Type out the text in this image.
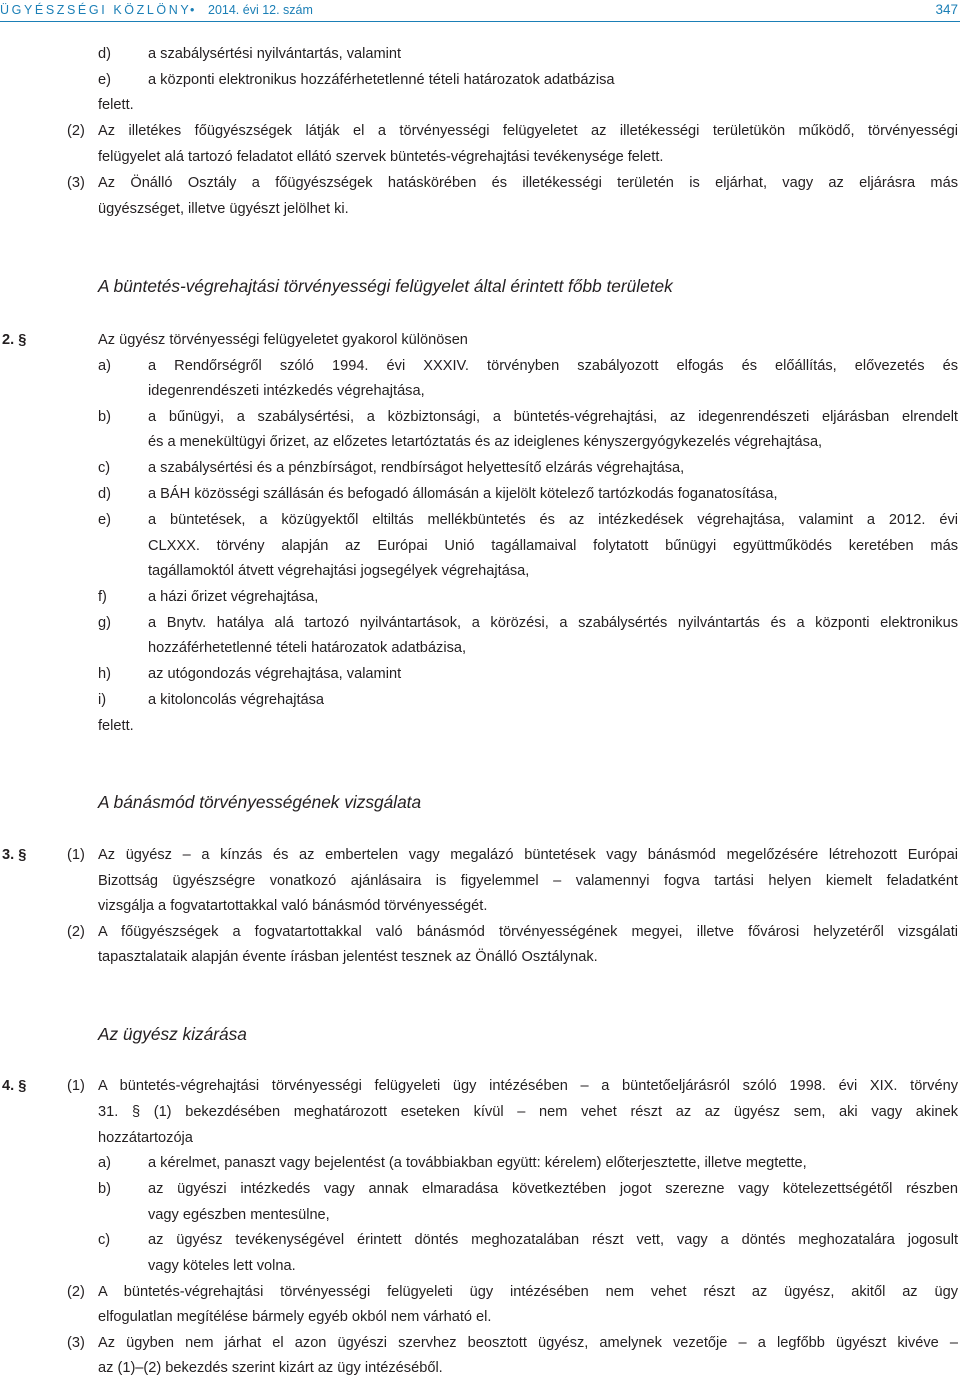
ÜGYÉSZSÉGI KÖZLÖNY
• 2014. évi 12. szám	347
d)	a szabálysértési nyilvántartás, valamint
e)	a központi elektronikus hozzáférhetetlenné tételi határozatok adatbázisa
felett.
(2) Az illetékes főügyészségek látják el a törvényességi felügyeletet az illetékességi területükön működő, törvényességi
felügyelet alá tartozó feladatot ellátó szervek büntetés-végrehajtási tevékenysége felett.
(3) Az Önálló Osztály a főügyészségek hatáskörében és illetékességi területén is eljárhat, vagy az eljárásra más
ügyészséget, illetve ügyészt jelölhet ki.
A büntetés-végrehajtási törvényességi felügyelet által érintett főbb területek
2. §	Az ügyész törvényességi felügyeletet gyakorol különösen
a)	a Rendőrségről szóló 1994. évi XXXIV. törvényben szabályozott elfogás és előállítás, elővezetés és
idegenrendészeti intézkedés végrehajtása,
b)	a bűnügyi, a szabálysértési, a közbiztonsági, a büntetés-végrehajtási, az idegenrendészeti eljárásban elrendelt
és a menekültügyi őrizet, az előzetes letartóztatás és az ideiglenes kényszergyógykezelés végrehajtása,
c)	a szabálysértési és a pénzbírságot, rendbírságot helyettesítő elzárás végrehajtása,
d)	a BÁH közösségi szállásán és befogadó állomásán a kijelölt kötelező tartózkodás foganatosítása,
e)	a büntetések, a közügyektől eltiltás mellékbüntetés és az intézkedések végrehajtása, valamint a 2012. évi
CLXXX. törvény alapján az Európai Unió tagállamaival folytatott bűnügyi együttműködés keretében más
tagállamoktól átvett végrehajtási jogsegélyek végrehajtása,
f)	a házi őrizet végrehajtása,
g)	a Bnytv. hatálya alá tartozó nyilvántartások, a körözési, a szabálysértés nyilvántartás és a központi elektronikus
hozzáférhetetlenné tételi határozatok adatbázisa,
h)	az utógondozás végrehajtása, valamint
i)	a kitoloncolás végrehajtása
felett.
A bánásmód törvényességének vizsgálata
3. §	(1) Az ügyész – a kínzás és az embertelen vagy megalázó büntetések vagy bánásmód megelőzésére létrehozott Európai
Bizottság ügyészségre vonatkozó ajánlásaira is figyelemmel – valamennyi fogva tartási helyen kiemelt feladatként
vizsgálja a fogvatartottakkal való bánásmód törvényességét.
(2) A főügyészségek a fogvatartottakkal való bánásmód törvényességének megyei, illetve fővárosi helyzetéről vizsgálati
tapasztalataik alapján évente írásban jelentést tesznek az Önálló Osztálynak.
Az ügyész kizárása
4. §	(1) A büntetés-végrehajtási törvényességi felügyeleti ügy intézésében – a büntetőeljárásról szóló 1998. évi XIX. törvény
31. § (1) bekezdésében meghatározott eseteken kívül – nem vehet részt az az ügyész sem, aki vagy akinek
hozzátartozója
a)	a kérelmet, panaszt vagy bejelentést (a továbbiakban együtt: kérelem) előterjesztette, illetve megtette,
b)	az ügyészi intézkedés vagy annak elmaradása következtében jogot szerezne vagy kötelezettségétől részben
vagy egészben mentesülne,
c)	az ügyész tevékenységével érintett döntés meghozatalában részt vett, vagy a döntés meghozatalára jogosult
vagy köteles lett volna.
(2) A büntetés-végrehajtási törvényességi felügyeleti ügy intézésében nem vehet részt az ügyész, akitől az ügy
elfogulatlan megítélése bármely egyéb okból nem várható el.
(3) Az ügyben nem járhat el azon ügyészi szervhez beosztott ügyész, amelynek vezetője – a legfőbb ügyészt kivéve –
az (1)–(2) bekezdés szerint kizárt az ügy intézéséből.
